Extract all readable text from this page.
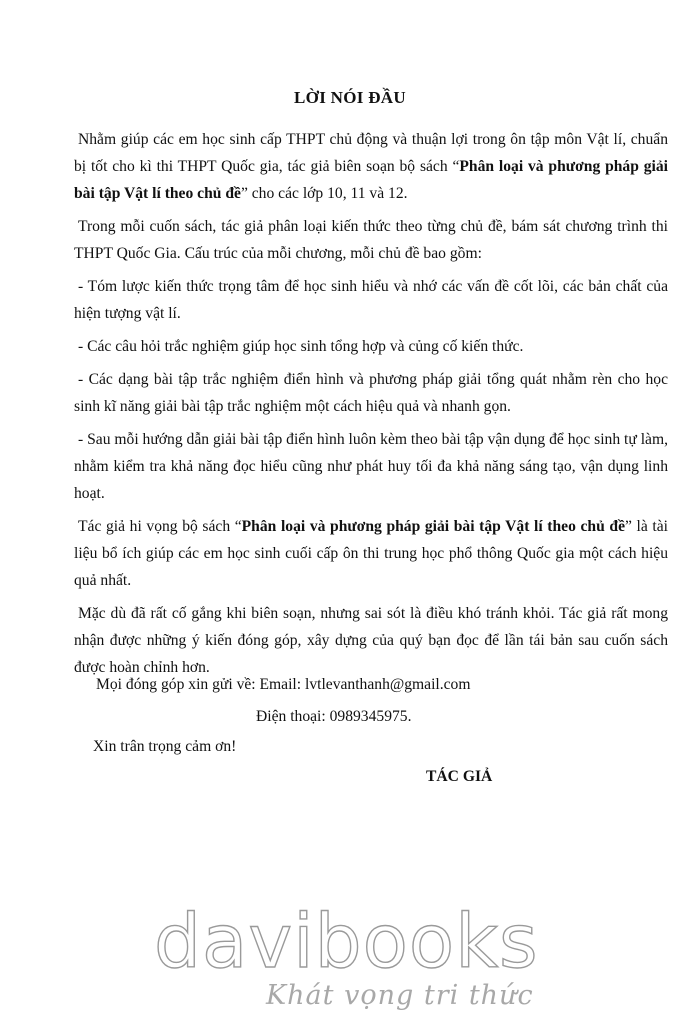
LỜI NÓI ĐẦU

Nhằm giúp các em học sinh cấp THPT chủ động và thuận lợi trong ôn tập môn Vật lí, chuẩn bị tốt cho kì thi THPT Quốc gia, tác giả biên soạn bộ sách “Phân loại và phương pháp giải bài tập Vật lí theo chủ đề” cho các lớp 10, 11 và 12.

Trong mỗi cuốn sách, tác giả phân loại kiến thức theo từng chủ đề, bám sát chương trình thi THPT Quốc Gia. Cấu trúc của mỗi chương, mỗi chủ đề bao gồm:

- Tóm lược kiến thức trọng tâm để học sinh hiểu và nhớ các vấn đề cốt lõi, các bản chất của hiện tượng vật lí.

- Các câu hỏi trắc nghiệm giúp học sinh tổng hợp và củng cố kiến thức.

- Các dạng bài tập trắc nghiệm điển hình và phương pháp giải tổng quát nhằm rèn cho học sinh kĩ năng giải bài tập trắc nghiệm một cách hiệu quả và nhanh gọn.

- Sau mỗi hướng dẫn giải bài tập điển hình luôn kèm theo bài tập vận dụng để học sinh tự làm, nhằm kiểm tra khả năng đọc hiểu cũng như phát huy tối đa khả năng sáng tạo, vận dụng linh hoạt.

Tác giả hi vọng bộ sách “Phân loại và phương pháp giải bài tập Vật lí theo chủ đề” là tài liệu bổ ích giúp các em học sinh cuối cấp ôn thi trung học phổ thông Quốc gia một cách hiệu quả nhất.

Mặc dù đã rất cố gắng khi biên soạn, nhưng sai sót là điều khó tránh khỏi. Tác giả rất mong nhận được những ý kiến đóng góp, xây dựng của quý bạn đọc để lần tái bản sau cuốn sách được hoàn chỉnh hơn.

Mọi đóng góp xin gửi về: Email: lvtlevanthanh@gmail.com
Điện thoại: 0989345975.
Xin trân trọng cảm ơn!
TÁC GIẢ
davibooks
Khát vọng tri thức
